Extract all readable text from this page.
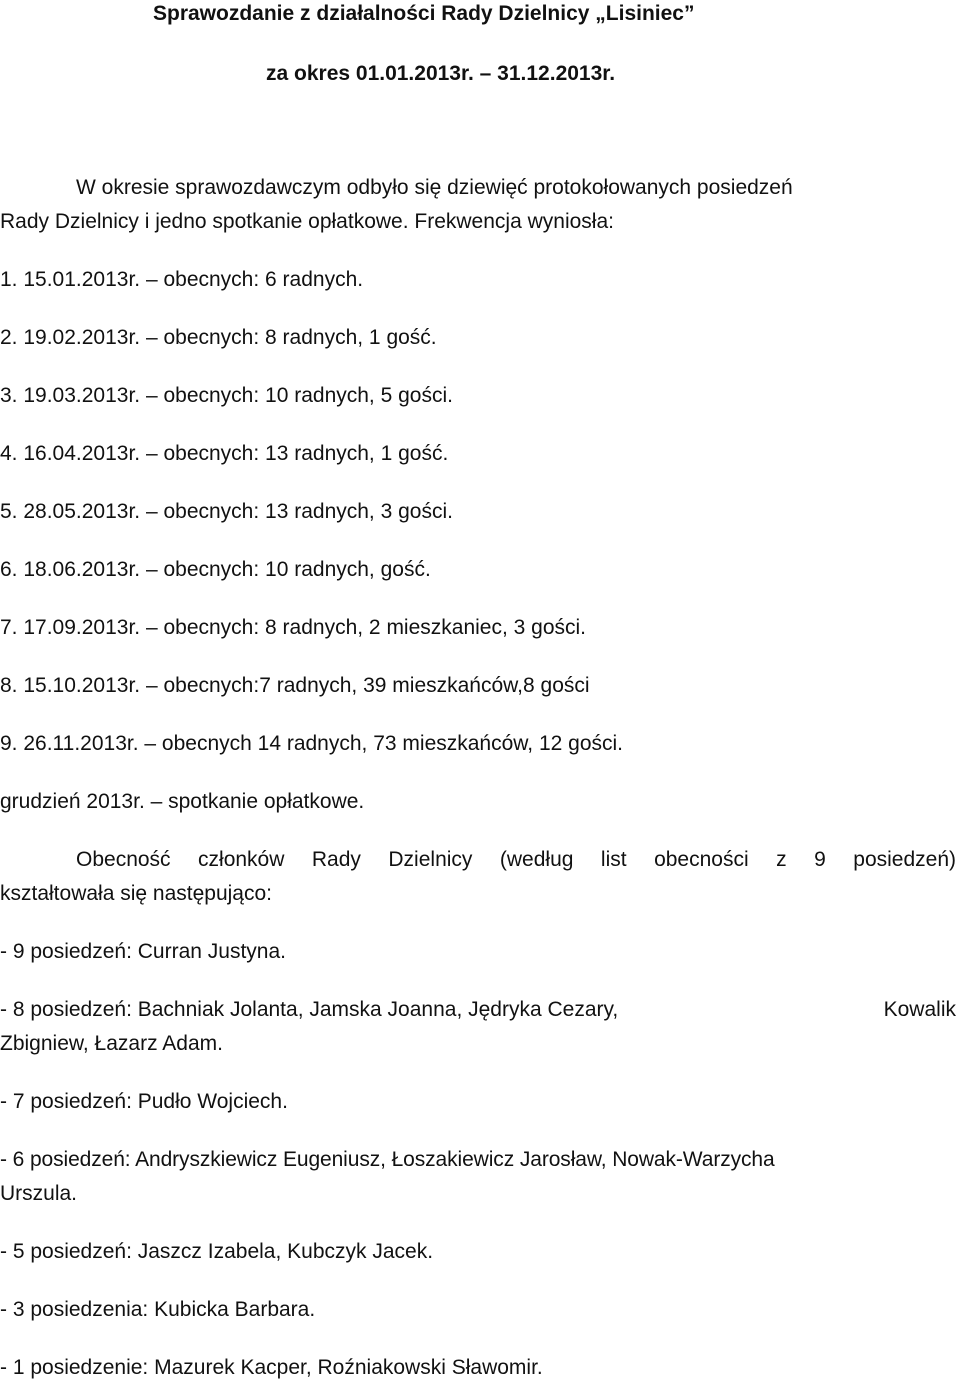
Sprawozdanie z działalności Rady Dzielnicy „Lisiniec”

za okres 01.01.2013r. – 31.12.2013r.

W okresie sprawozdawczym odbyło się dziewięć protokołowanych posiedzeń

Rady Dzielnicy i jedno spotkanie opłatkowe. Frekwencja wyniosła:

1. 15.01.2013r. – obecnych: 6 radnych.

2. 19.02.2013r. – obecnych: 8 radnych, 1 gość.

3. 19.03.2013r. – obecnych: 10 radnych, 5 gości.

4. 16.04.2013r. – obecnych: 13 radnych, 1 gość.

5. 28.05.2013r. – obecnych: 13 radnych, 3 gości.

6. 18.06.2013r. – obecnych: 10 radnych, gość.

7. 17.09.2013r. – obecnych: 8 radnych, 2 mieszkaniec, 3 gości.

8. 15.10.2013r. – obecnych:7 radnych, 39 mieszkańców,8 gości

9. 26.11.2013r. – obecnych 14 radnych, 73 mieszkańców, 12 gości.

grudzień 2013r. – spotkanie opłatkowe.

Obecność członków Rady Dzielnicy (według list obecności z 9 posiedzeń)

kształtowała się następująco:

- 9 posiedzeń: Curran Justyna.

- 8 posiedzeń: Bachniak Jolanta, Jamska Joanna, Jędryka Cezary,	Kowalik

Zbigniew, Łazarz Adam.

- 7 posiedzeń: Pudło Wojciech.

- 6 posiedzeń: Andryszkiewicz Eugeniusz, Łoszakiewicz Jarosław, Nowak-Warzycha

Urszula.

- 5 posiedzeń: Jaszcz Izabela, Kubczyk Jacek.

- 3 posiedzenia: Kubicka Barbara.

- 1 posiedzenie: Mazurek Kacper, Roźniakowski Sławomir.
